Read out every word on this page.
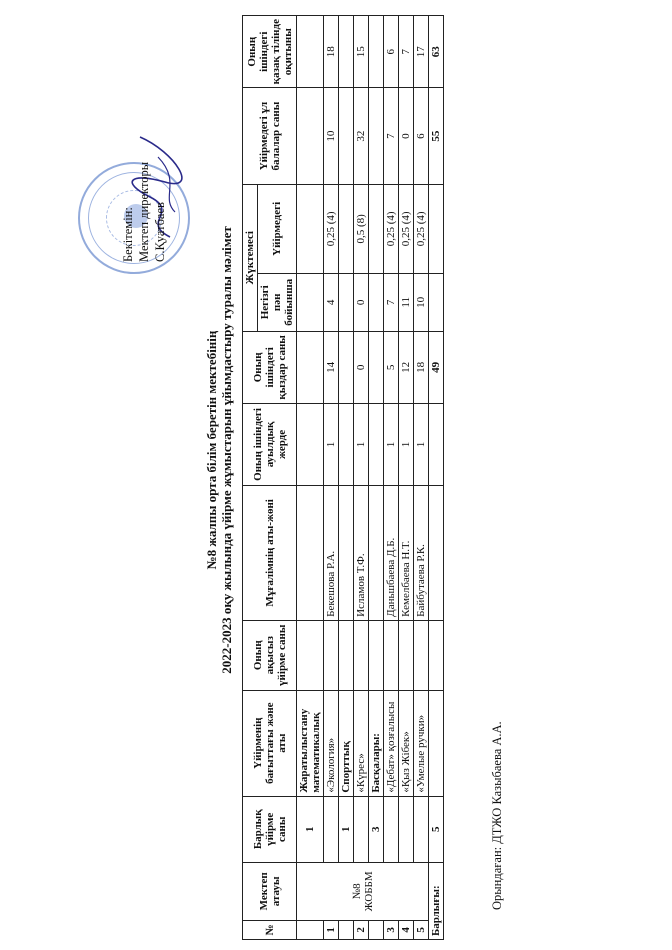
№8 жалпы орта білім беретін мектебінің 2022-2023 оқу жылында үйірме жұмыстарын ұйымдастыру туралы мәлімет
Бекітемін: Мектеп директоры С.Қуатбаев
№	Мектеп атауы	Барлық үйірме саны	Үйірменің бағыттағы және аты	Оның ақысыз үйірме саны	Мұғалімнің аты-жөні	Оның ішіндегі ауылдық жерде	Оның ішіндегі қыздар саны	Жүктемесі		Үйірмедегі ұл балалар саны	Оның ішіндегі қазақ тілінде оқитыны
								Негізгі пән бойынша	Үйірмедегі		
	№8 ЖОББМ	1	Жаратылыстану математикалық								
1			«Экология»		Бекешова Р.А.	1	14	4	0,25 (4)	10	18
		1	Спорттық								
2			«Күрес»		Исламов Т.Ф.	1	0	0	0,5 (8)	32	15
		3	Басқалары:								
3			«Дебат» қозғалысы		Даньшбаева Д.Б.	1	5	7	0,25 (4)	7	6
4			«Қыз Жібек»		Кемелбаева Н.Т.	1	12	11	0,25 (4)	0	7
5			«Умелые ручки»		Байбутаева Р.К.	1	18	10	0,25 (4)	6	17
Барлығы:		5					49			55	63
Орындаған: ДТЖО Казыбаева А.А.
